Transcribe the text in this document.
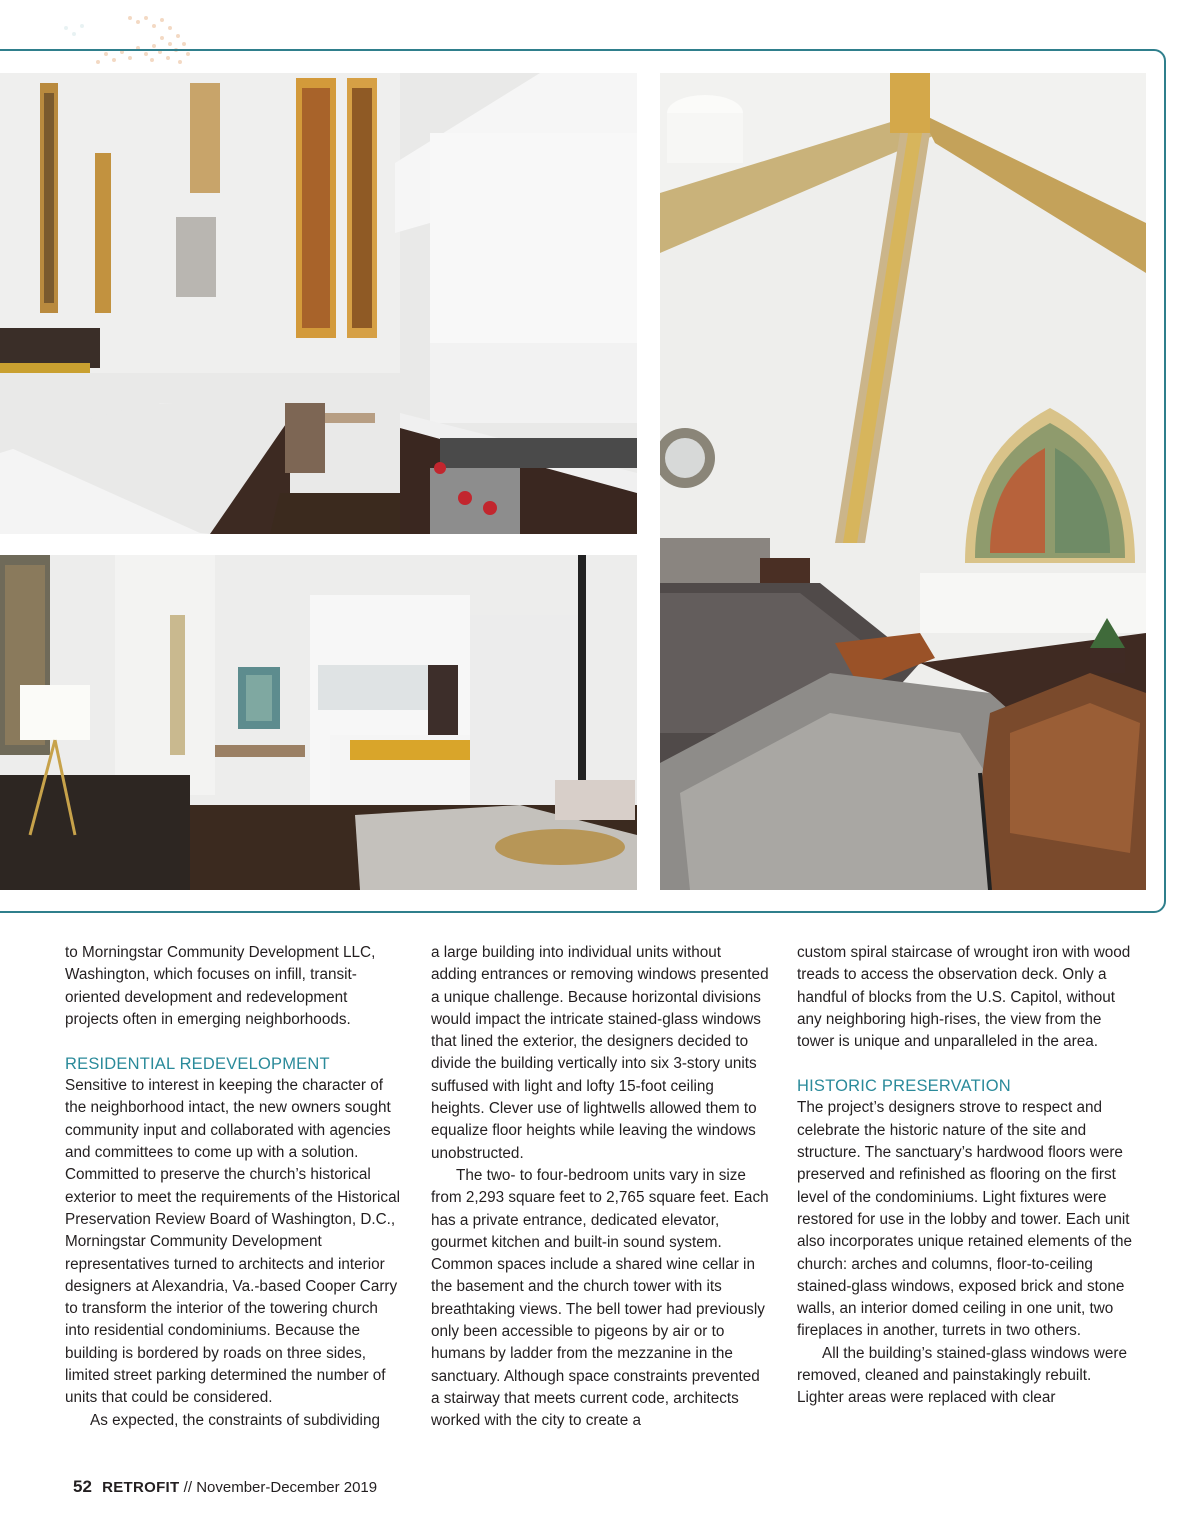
to Morningstar Community Development LLC, Washington, which focuses on infill, transit-oriented development and redevelopment projects often in emerging neighborhoods.

RESIDENTIAL REDEVELOPMENT

Sensitive to interest in keeping the character of the neighborhood intact, the new owners sought community input and collaborated with agencies and committees to come up with a solution. Committed to preserve the church’s historical exterior to meet the requirements of the Historical Preservation Review Board of Washington, D.C., Morningstar Community Development representatives turned to architects and interior designers at Alexandria, Va.-based Cooper Carry to transform the interior of the towering church into residential condominiums. Because the building is bordered by roads on three sides, limited street parking determined the number of units that could be considered.

As expected, the constraints of subdividing

a large building into individual units without adding entrances or removing windows presented a unique challenge. Because horizontal divisions would impact the intricate stained-glass windows that lined the exterior, the designers decided to divide the building vertically into six 3-story units suffused with light and lofty 15-foot ceiling heights. Clever use of lightwells allowed them to equalize floor heights while leaving the windows unobstructed.

The two- to four-bedroom units vary in size from 2,293 square feet to 2,765 square feet. Each has a private entrance, dedicated elevator, gourmet kitchen and built-in sound system. Common spaces include a shared wine cellar in the basement and the church tower with its breathtaking views. The bell tower had previously only been accessible to pigeons by air or to humans by ladder from the mezzanine in the sanctuary. Although space constraints prevented a stairway that meets current code, architects worked with the city to create a

custom spiral staircase of wrought iron with wood treads to access the observation deck. Only a handful of blocks from the U.S. Capitol, without any neighboring high-rises, the view from the tower is unique and unparalleled in the area.

HISTORIC PRESERVATION

The project’s designers strove to respect and celebrate the historic nature of the site and structure. The sanctuary’s hardwood floors were preserved and refinished as flooring on the first level of the condominiums. Light fixtures were restored for use in the lobby and tower. Each unit also incorporates unique retained elements of the church: arches and columns, floor-to-ceiling stained-glass windows, exposed brick and stone walls, an interior domed ceiling in one unit, two fireplaces in another, turrets in two others.

All the building’s stained-glass windows were removed, cleaned and painstakingly rebuilt. Lighter areas were replaced with clear

52 RETROFIT // November-December 2019
